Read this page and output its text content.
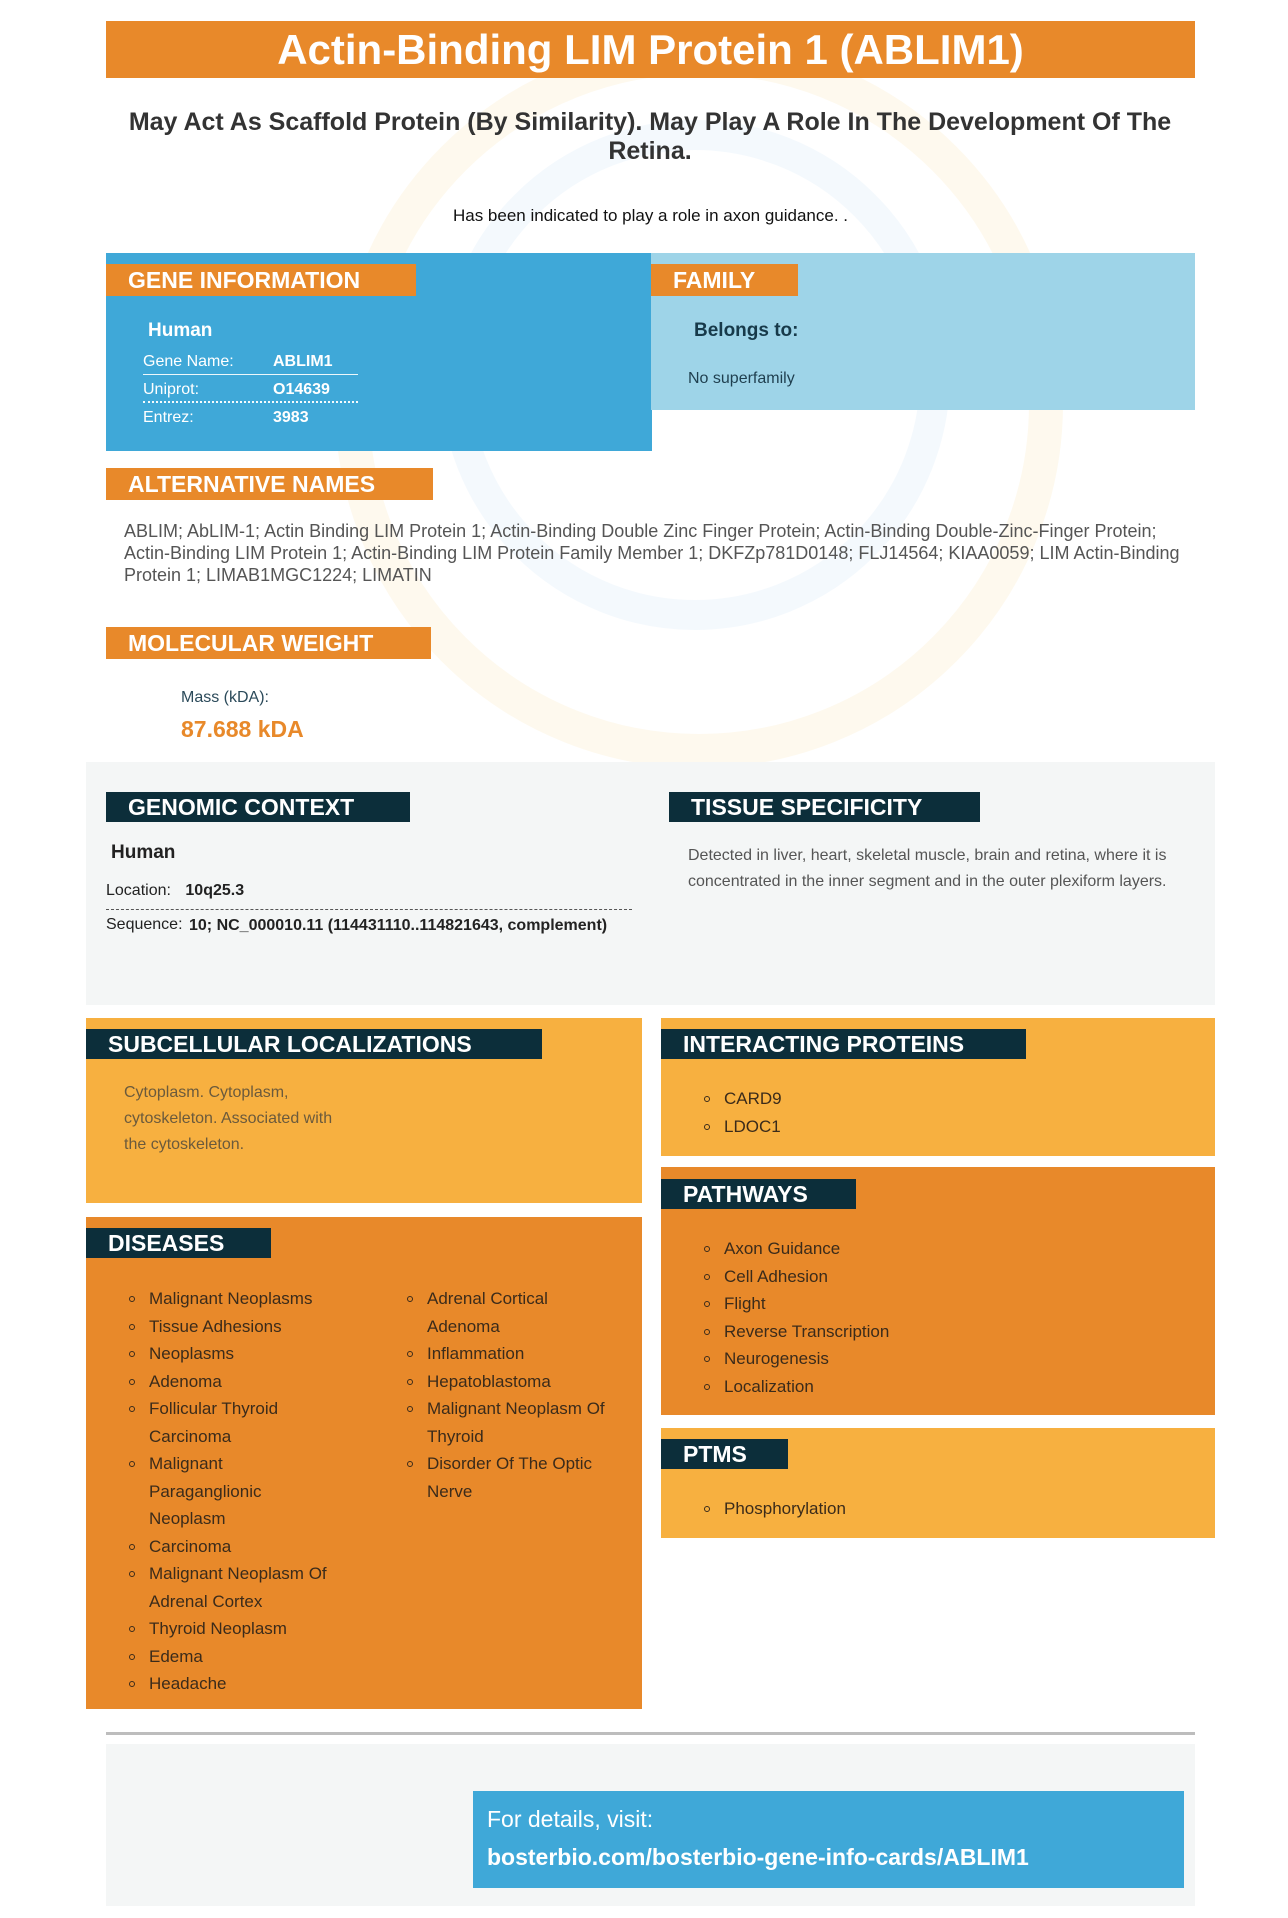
Actin-Binding LIM Protein 1 (ABLIM1)
May Act As Scaffold Protein (By Similarity). May Play A Role In The Development Of The Retina.
Has been indicated to play a role in axon guidance. .
GENE INFORMATION
Human
Gene Name: ABLIM1
Uniprot:	O14639
Entrez:	3983
FAMILY
Belongs to:
No superfamily
ALTERNATIVE NAMES
ABLIM; AbLIM-1; Actin Binding LIM Protein 1; Actin-Binding Double Zinc Finger Protein; Actin-Binding Double-Zinc-Finger Protein; Actin-Binding LIM Protein 1; Actin-Binding LIM Protein Family Member 1; DKFZp781D0148; FLJ14564; KIAA0059; LIM Actin-Binding Protein 1; LIMAB1MGC1224; LIMATIN
MOLECULAR WEIGHT
Mass (kDA):
87.688 kDA
GENOMIC CONTEXT
Human
Location: 10q25.3
Sequence: 10; NC_000010.11 (114431110..114821643, complement)
TISSUE SPECIFICITY
Detected in liver, heart, skeletal muscle, brain and retina, where it is concentrated in the inner segment and in the outer plexiform layers.
SUBCELLULAR LOCALIZATIONS
Cytoplasm. Cytoplasm, cytoskeleton. Associated with the cytoskeleton.
INTERACTING PROTEINS
CARD9
LDOC1
DISEASES
Malignant Neoplasms
Tissue Adhesions
Neoplasms
Adenoma
Follicular Thyroid Carcinoma
Malignant Paraganglionic Neoplasm
Carcinoma
Malignant Neoplasm Of Adrenal Cortex
Thyroid Neoplasm
Edema
Headache
Adrenal Cortical Adenoma
Inflammation
Hepatoblastoma
Malignant Neoplasm Of Thyroid
Disorder Of The Optic Nerve
PATHWAYS
Axon Guidance
Cell Adhesion
Flight
Reverse Transcription
Neurogenesis
Localization
PTMS
Phosphorylation
For details, visit:
bosterbio.com/bosterbio-gene-info-cards/ABLIM1
